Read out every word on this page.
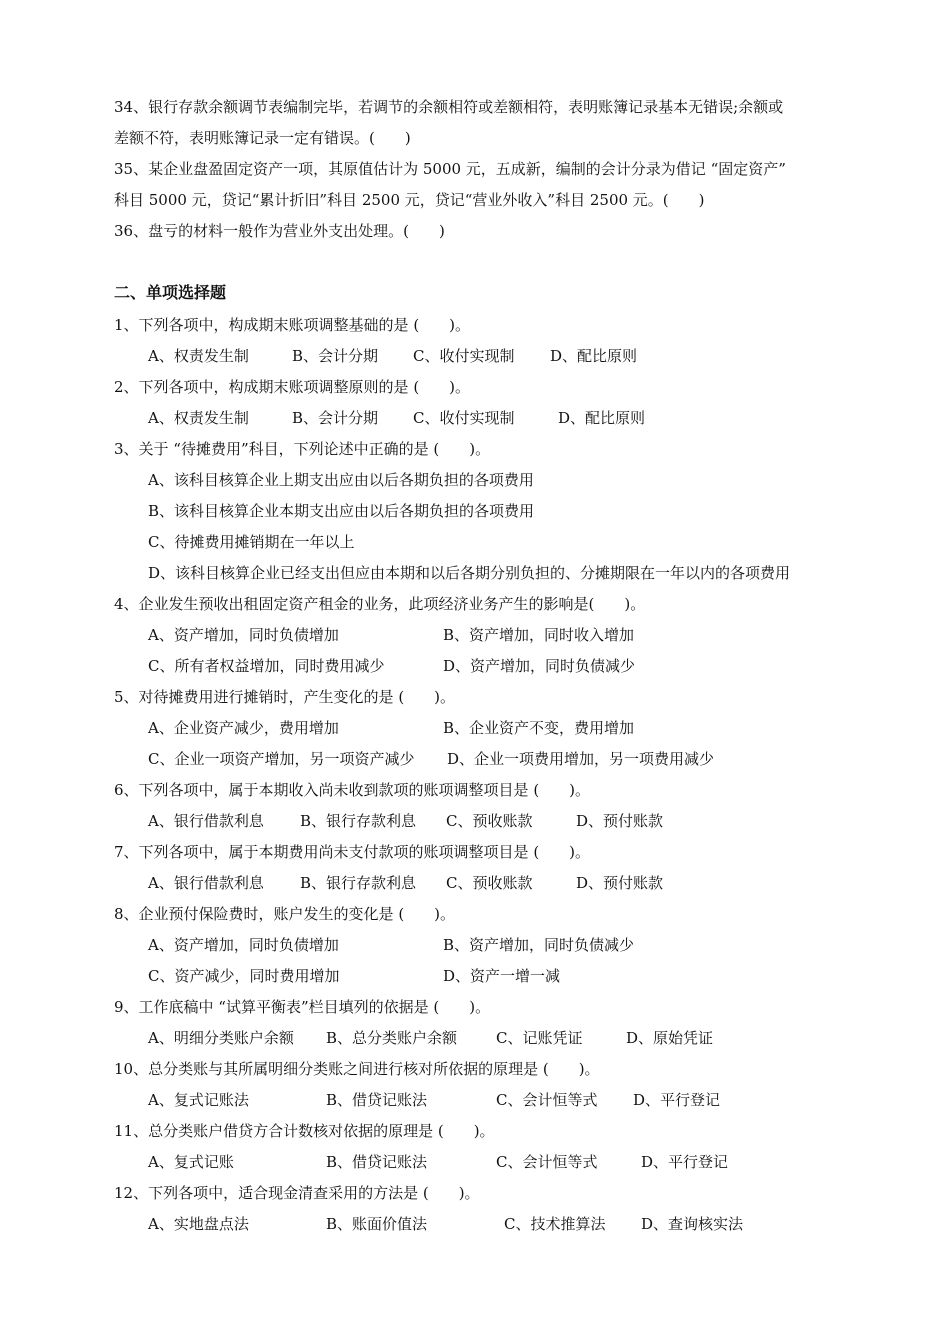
34、银行存款余额调节表编制完毕，若调节的余额相符或差额相符，表明账簿记录基本无错误;余额或
差额不符，表明账簿记录一定有错误。(　　)
35、某企业盘盈固定资产一项，其原值估计为 5000 元，五成新，编制的会计分录为借记 “固定资产”
科目 5000 元，贷记“累计折旧”科目 2500 元，贷记“营业外收入”科目 2500 元。(　　)
36、盘亏的材料一般作为营业外支出处理。(　　)
二、单项选择题
1、下列各项中，构成期末账项调整基础的是 (　　)。
A、权责发生制	B、会计分期 C、收付实现制 D、配比原则
2、下列各项中，构成期末账项调整原则的是 (　　)。
A、权责发生制	B、会计分期 C、收付实现制	D、配比原则
3、关于 “待摊费用”科目，下列论述中正确的是 (　　)。
A、该科目核算企业上期支出应由以后各期负担的各项费用
B、该科目核算企业本期支出应由以后各期负担的各项费用
C、待摊费用摊销期在一年以上
D、该科目核算企业已经支出但应由本期和以后各期分别负担的、分摊期限在一年以内的各项费用
4、企业发生预收出租固定资产租金的业务，此项经济业务产生的影响是(　　)。
A、资产增加，同时负债增加	B、资产增加，同时收入增加
C、所有者权益增加，同时费用减少	D、资产增加，同时负债减少
5、对待摊费用进行摊销时，产生变化的是 (　　)。
A、企业资产减少，费用增加	B、企业资产不变，费用增加
C、企业一项资产增加，另一项资产减少 D、企业一项费用增加，另一项费用减少
6、下列各项中，属于本期收入尚未收到款项的账项调整项目是 (　　)。
A、银行借款利息 B、银行存款利息 C、预收账款	D、预付账款
7、下列各项中，属于本期费用尚未支付款项的账项调整项目是 (　　)。
A、银行借款利息 B、银行存款利息 C、预收账款	D、预付账款
8、企业预付保险费时，账户发生的变化是 (　　)。
A、资产增加，同时负债增加	B、资产增加，同时负债减少
C、资产减少，同时费用增加	D、资产一增一减
9、工作底稿中 “试算平衡表”栏目填列的依据是 (　　)。
A、明细分类账户余额 B、总分类账户余额	C、记账凭证	D、原始凭证
10、总分类账与其所属明细分类账之间进行核对所依据的原理是 (　　)。
A、复式记账法	B、借贷记账法	C、会计恒等式 D、平行登记
11、总分类账户借贷方合计数核对依据的原理是 (　　)。
A、复式记账	B、借贷记账法	C、会计恒等式	D、平行登记
12、下列各项中，适合现金清查采用的方法是 (　　)。
A、实地盘点法	B、账面价值法	C、技术推算法 D、查询核实法
